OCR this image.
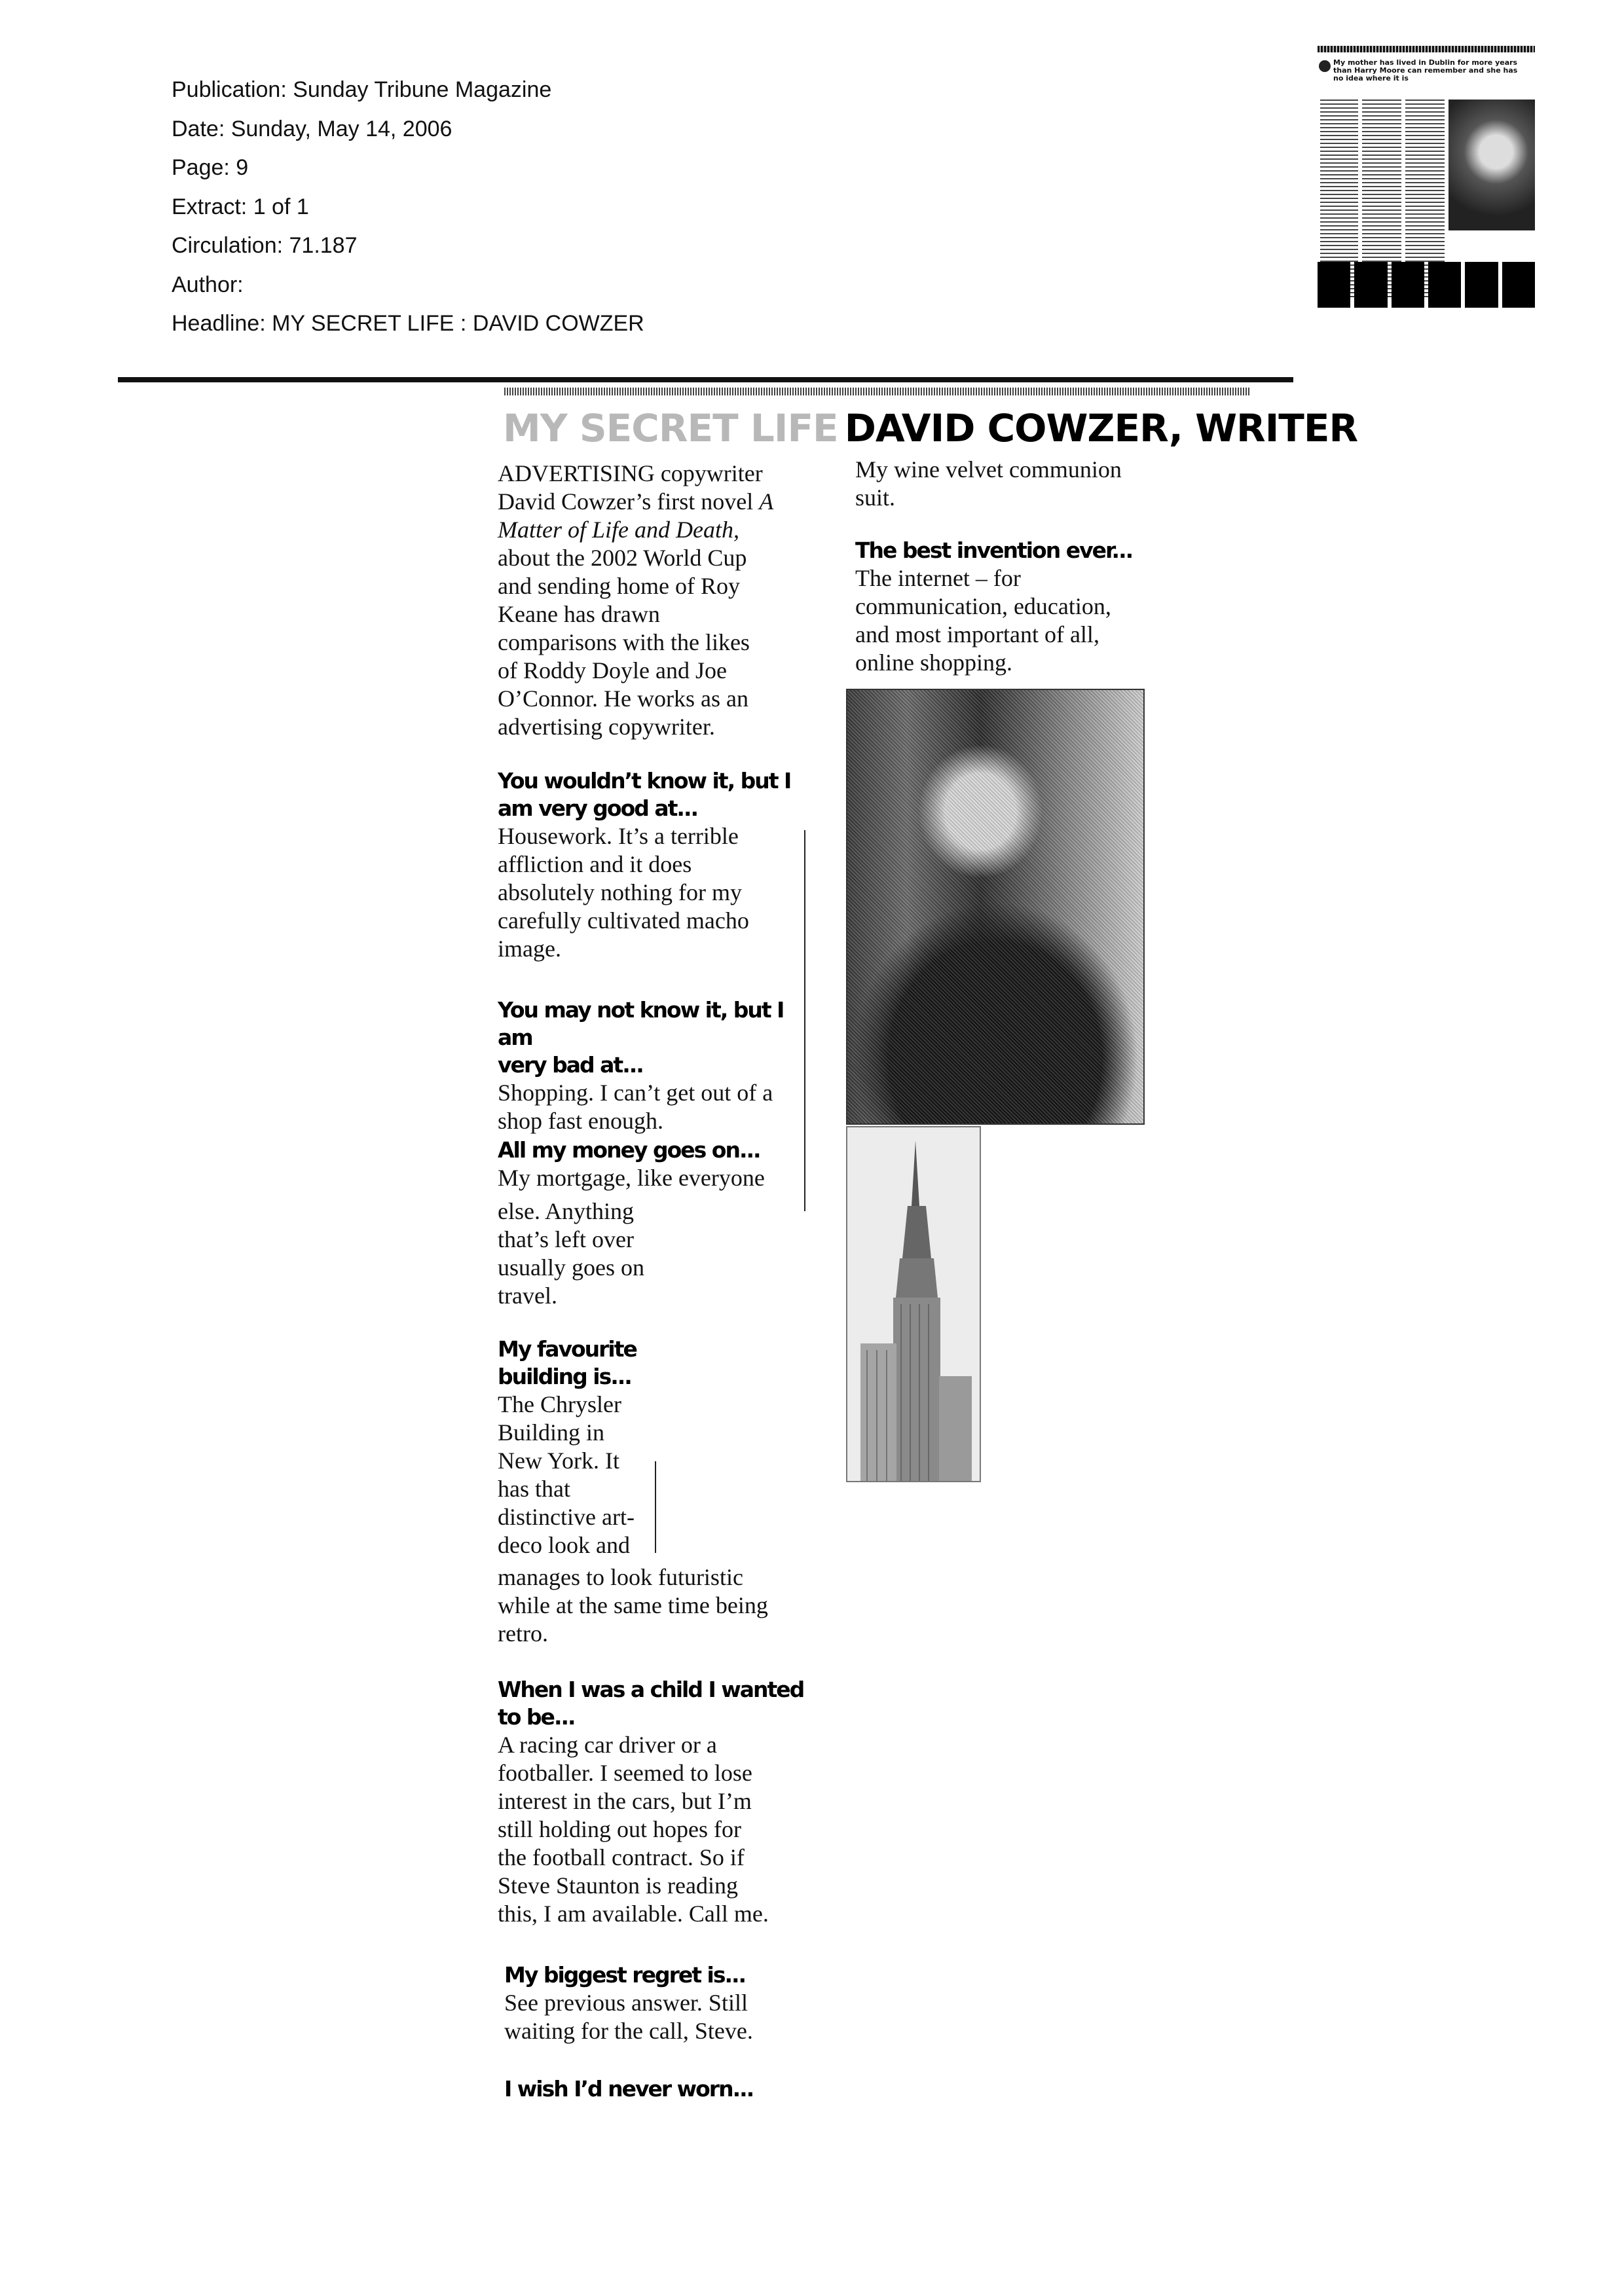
Publication: Sunday Tribune Magazine
Date: Sunday, May 14, 2006
Page: 9
Extract: 1 of 1
Circulation: 71.187
Author:
Headline: MY SECRET LIFE : DAVID COWZER
My mother has lived in Dublin for more years than Harry Moore can remember and she has no idea where it is
MY SECRET LIFE DAVID COWZER, WRITER

ADVERTISING copywriter

David Cowzer’s first novel A

Matter of Life and Death,

about the 2002 World Cup

and sending home of Roy

Keane has drawn

comparisons with the likes

of Roddy Doyle and Joe

O’Connor. He works as an

advertising copywriter.

You wouldn’t know it, but I

am very good at...

Housework. It’s a terrible

affliction and it does

absolutely nothing for my

carefully cultivated macho

image.

You may not know it, but I am

very bad at...

Shopping. I can’t get out of a

shop fast enough.

All my money goes on...

My mortgage, like everyone

else. Anything

that’s left over

usually goes on

travel.

My favourite

building is...

The Chrysler

Building in

New York. It

has that

distinctive art-

deco look and

manages to look futuristic

while at the same time being

retro.

When I was a child I wanted

to be...

A racing car driver or a

footballer. I seemed to lose

interest in the cars, but I’m

still holding out hopes for

the football contract. So if

Steve Staunton is reading

this, I am available. Call me.

My biggest regret is...

See previous answer. Still

waiting for the call, Steve.

I wish I’d never worn...

My wine velvet communion

suit.

The best invention ever...

The internet – for

communication, education,

and most important of all,

online shopping.
